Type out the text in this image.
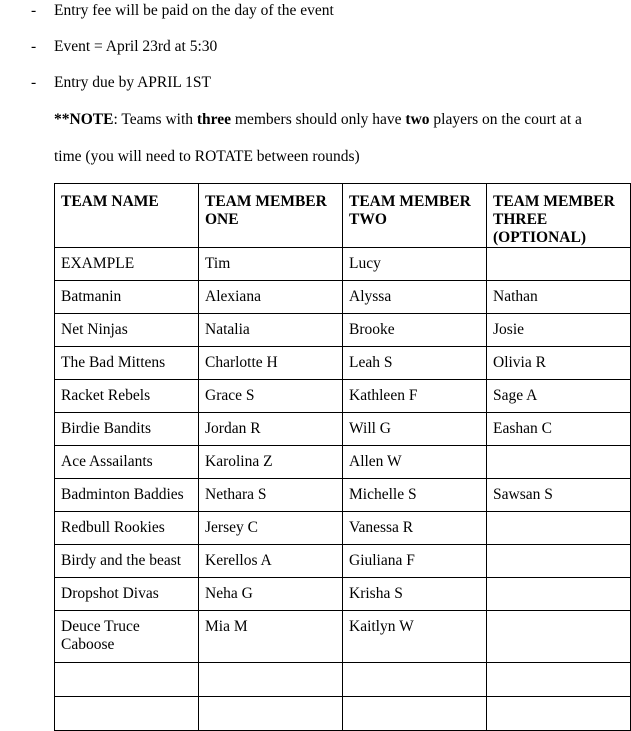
- Entry fee will be paid on the day of the event
- Event = April 23rd at 5:30
- Entry due by APRIL 1ST
**NOTE: Teams with three members should only have two players on the court at a
time (you will need to ROTATE between rounds)
TEAM NAME	TEAM MEMBER ONE	TEAM MEMBER TWO	TEAM MEMBER THREE (OPTIONAL)
EXAMPLE	Tim	Lucy	
Batmanin	Alexiana	Alyssa	Nathan
Net Ninjas	Natalia	Brooke	Josie
The Bad Mittens	Charlotte H	Leah S	Olivia R
Racket Rebels	Grace S	Kathleen F	Sage A
Birdie Bandits	Jordan R	Will G	Eashan C
Ace Assailants	Karolina Z	Allen W	
Badminton Baddies	Nethara S	Michelle S	Sawsan S
Redbull Rookies	Jersey C	Vanessa R	
Birdy and the beast	Kerellos A	Giuliana F	
Dropshot Divas	Neha G	Krisha S	
Deuce Truce Caboose	Mia M	Kaitlyn W	
